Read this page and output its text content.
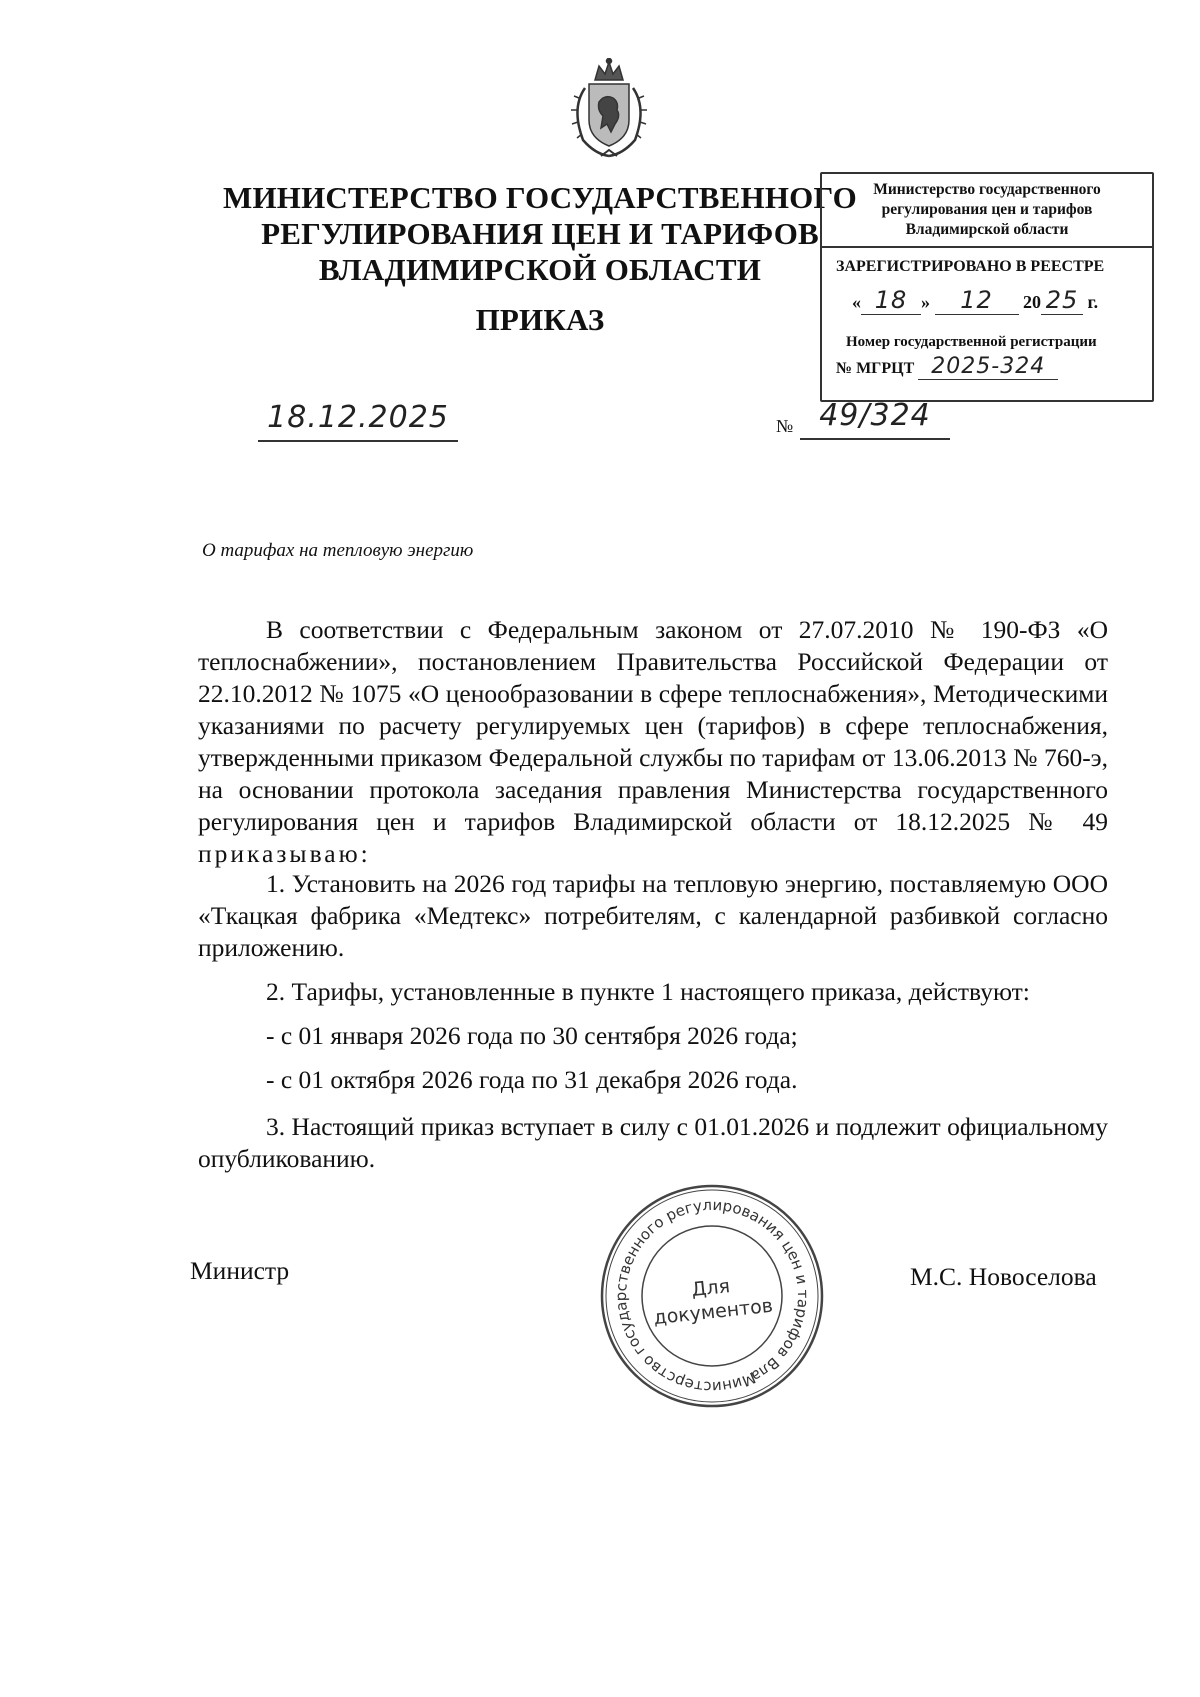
МИНИСТЕРСТВО ГОСУДАРСТВЕННОГО
РЕГУЛИРОВАНИЯ ЦЕН И ТАРИФОВ
ВЛАДИМИРСКОЙ ОБЛАСТИ
ПРИКАЗ
Министерство государственного
регулирования цен и тарифов
Владимирской области
ЗАРЕГИСТРИРОВАНО В РЕЕСТРЕ
« 18 » 12 20 25 г.
Номер государственной регистрации
№ МГРЦТ 2025-324
18.12.2025	№ 49/324
О тарифах на тепловую энергию

В соответствии с Федеральным законом от 27.07.2010 № 190-ФЗ «О теплоснабжении», постановлением Правительства Российской Федерации от 22.10.2012 № 1075 «О ценообразовании в сфере теплоснабжения», Методическими указаниями по расчету регулируемых цен (тарифов) в сфере теплоснабжения, утвержденными приказом Федеральной службы по тарифам от 13.06.2013 № 760-э, на основании протокола заседания правления Министерства государственного регулирования цен и тарифов Владимирской области от 18.12.2025 № 49 приказываю:

1. Установить на 2026 год тарифы на тепловую энергию, поставляемую ООО «Ткацкая фабрика «Медтекс» потребителям, с календарной разбивкой согласно приложению.

2. Тарифы, установленные в пункте 1 настоящего приказа, действуют:

- с 01 января 2026 года по 30 сентября 2026 года;

- с 01 октября 2026 года по 31 декабря 2026 года.

3. Настоящий приказ вступает в силу с 01.01.2026 и подлежит официальному опубликованию.

Министр	М.С. Новоселова
Министерство государственного регулирования цен и тарифов Владимирской
Для
документов
